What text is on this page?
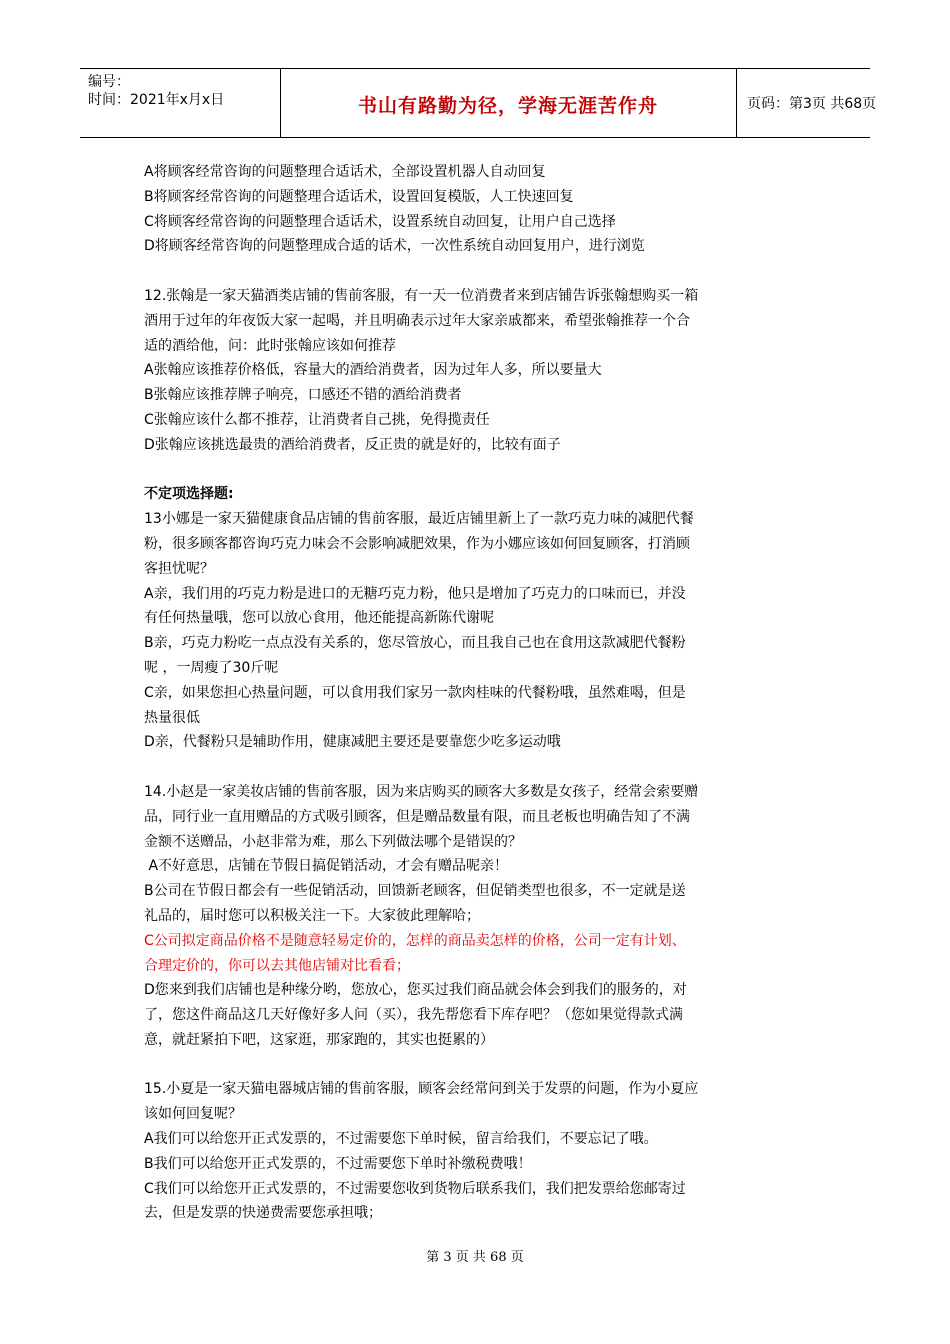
编号：
时间：2021年x月x日	书山有路勤为径，学海无涯苦作舟	页码：第3页 共68页

A将顾客经常咨询的问题整理合适话术，全部设置机器人自动回复

B将顾客经常咨询的问题整理合适话术，设置回复模版，人工快速回复

C将顾客经常咨询的问题整理合适话术，设置系统自动回复，让用户自己选择

D将顾客经常咨询的问题整理成合适的话术，一次性系统自动回复用户，进行浏览

12.张翰是一家天猫酒类店铺的售前客服，有一天一位消费者来到店铺告诉张翰想购买一箱

酒用于过年的年夜饭大家一起喝，并且明确表示过年大家亲戚都来，希望张翰推荐一个合

适的酒给他，问：此时张翰应该如何推荐

A张翰应该推荐价格低，容量大的酒给消费者，因为过年人多，所以要量大

B张翰应该推荐牌子响亮，口感还不错的酒给消费者

C张翰应该什么都不推荐，让消费者自己挑，免得揽责任

D张翰应该挑选最贵的酒给消费者，反正贵的就是好的，比较有面子

不定项选择题:

13小娜是一家天猫健康食品店铺的售前客服，最近店铺里新上了一款巧克力味的减肥代餐

粉，很多顾客都咨询巧克力味会不会影响减肥效果，作为小娜应该如何回复顾客，打消顾

客担忧呢？

A亲，我们用的巧克力粉是进口的无糖巧克力粉，他只是增加了巧克力的口味而已，并没

有任何热量哦，您可以放心食用，他还能提高新陈代谢呢

B亲，巧克力粉吃一点点没有关系的，您尽管放心，而且我自己也在食用这款减肥代餐粉

呢 ，一周瘦了30斤呢

C亲，如果您担心热量问题，可以食用我们家另一款肉桂味的代餐粉哦，虽然难喝，但是

热量很低

D亲，代餐粉只是辅助作用，健康减肥主要还是要靠您少吃多运动哦

14.小赵是一家美妆店铺的售前客服，因为来店购买的顾客大多数是女孩子，经常会索要赠

品，同行业一直用赠品的方式吸引顾客，但是赠品数量有限，而且老板也明确告知了不满

金额不送赠品，小赵非常为难，那么下列做法哪个是错误的？

A不好意思，店铺在节假日搞促销活动，才会有赠品呢亲！

B公司在节假日都会有一些促销活动，回馈新老顾客，但促销类型也很多，不一定就是送

礼品的，届时您可以积极关注一下。大家彼此理解哈；

C公司拟定商品价格不是随意轻易定价的，怎样的商品卖怎样的价格，公司一定有计划、

合理定价的，你可以去其他店铺对比看看；

D您来到我们店铺也是种缘分哟，您放心，您买过我们商品就会体会到我们的服务的，对

了，您这件商品这几天好像好多人问（买），我先帮您看下库存吧？（您如果觉得款式满

意，就赶紧拍下吧，这家逛，那家跑的，其实也挺累的）

15.小夏是一家天猫电器城店铺的售前客服，顾客会经常问到关于发票的问题，作为小夏应

该如何回复呢？

A我们可以给您开正式发票的，不过需要您下单时候，留言给我们，不要忘记了哦。

B我们可以给您开正式发票的，不过需要您下单时补缴税费哦！

C我们可以给您开正式发票的，不过需要您收到货物后联系我们，我们把发票给您邮寄过

去，但是发票的快递费需要您承担哦；

第 3 页 共 68 页
